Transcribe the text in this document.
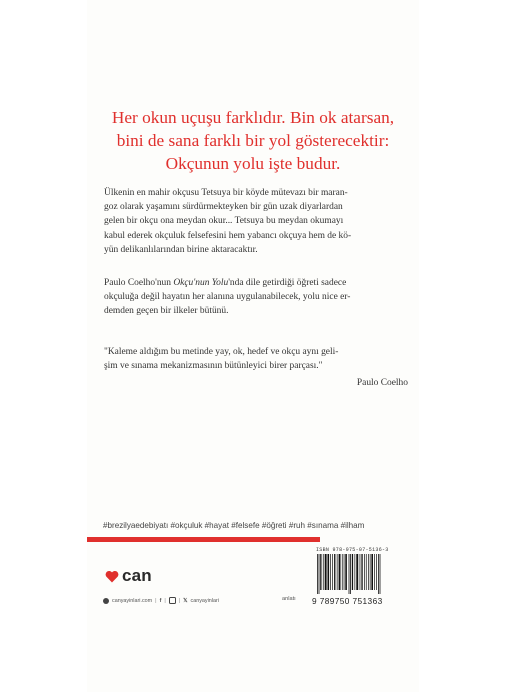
Her okun uçuşu farklıdır. Bin ok atarsan,
bini de sana farklı bir yol gösterecektir:
Okçunun yolu işte budur.
Ülkenin en mahir okçusu Tetsuya bir köyde mütevazı bir maran-
goz olarak yaşamını sürdürmekteyken bir gün uzak diyarlardan
gelen bir okçu ona meydan okur... Tetsuya bu meydan okumayı
kabul ederek okçuluk felsefesini hem yabancı okçuya hem de kö-
yün delikanlılarından birine aktaracaktır.
Paulo Coelho'nun Okçu'nun Yolu'nda dile getirdiği öğreti sadece
okçuluğa değil hayatın her alanına uygulanabilecek, yolu nice er-
demden geçen bir ilkeler bütünü.
"Kaleme aldığım bu metinde yay, ok, hedef ve okçu aynı geli-
şim ve sınama mekanizmasının bütünleyici birer parçası."
Paulo Coelho
#brezilyaedebiyatı #okçuluk #hayat #felsefe #öğreti #ruh #sınama #ilham
can
canyayinlari.com | f | | 𝕏 canyayinlari	anlatı
ISBN 978-975-07-5136-3
9 789750 751363
